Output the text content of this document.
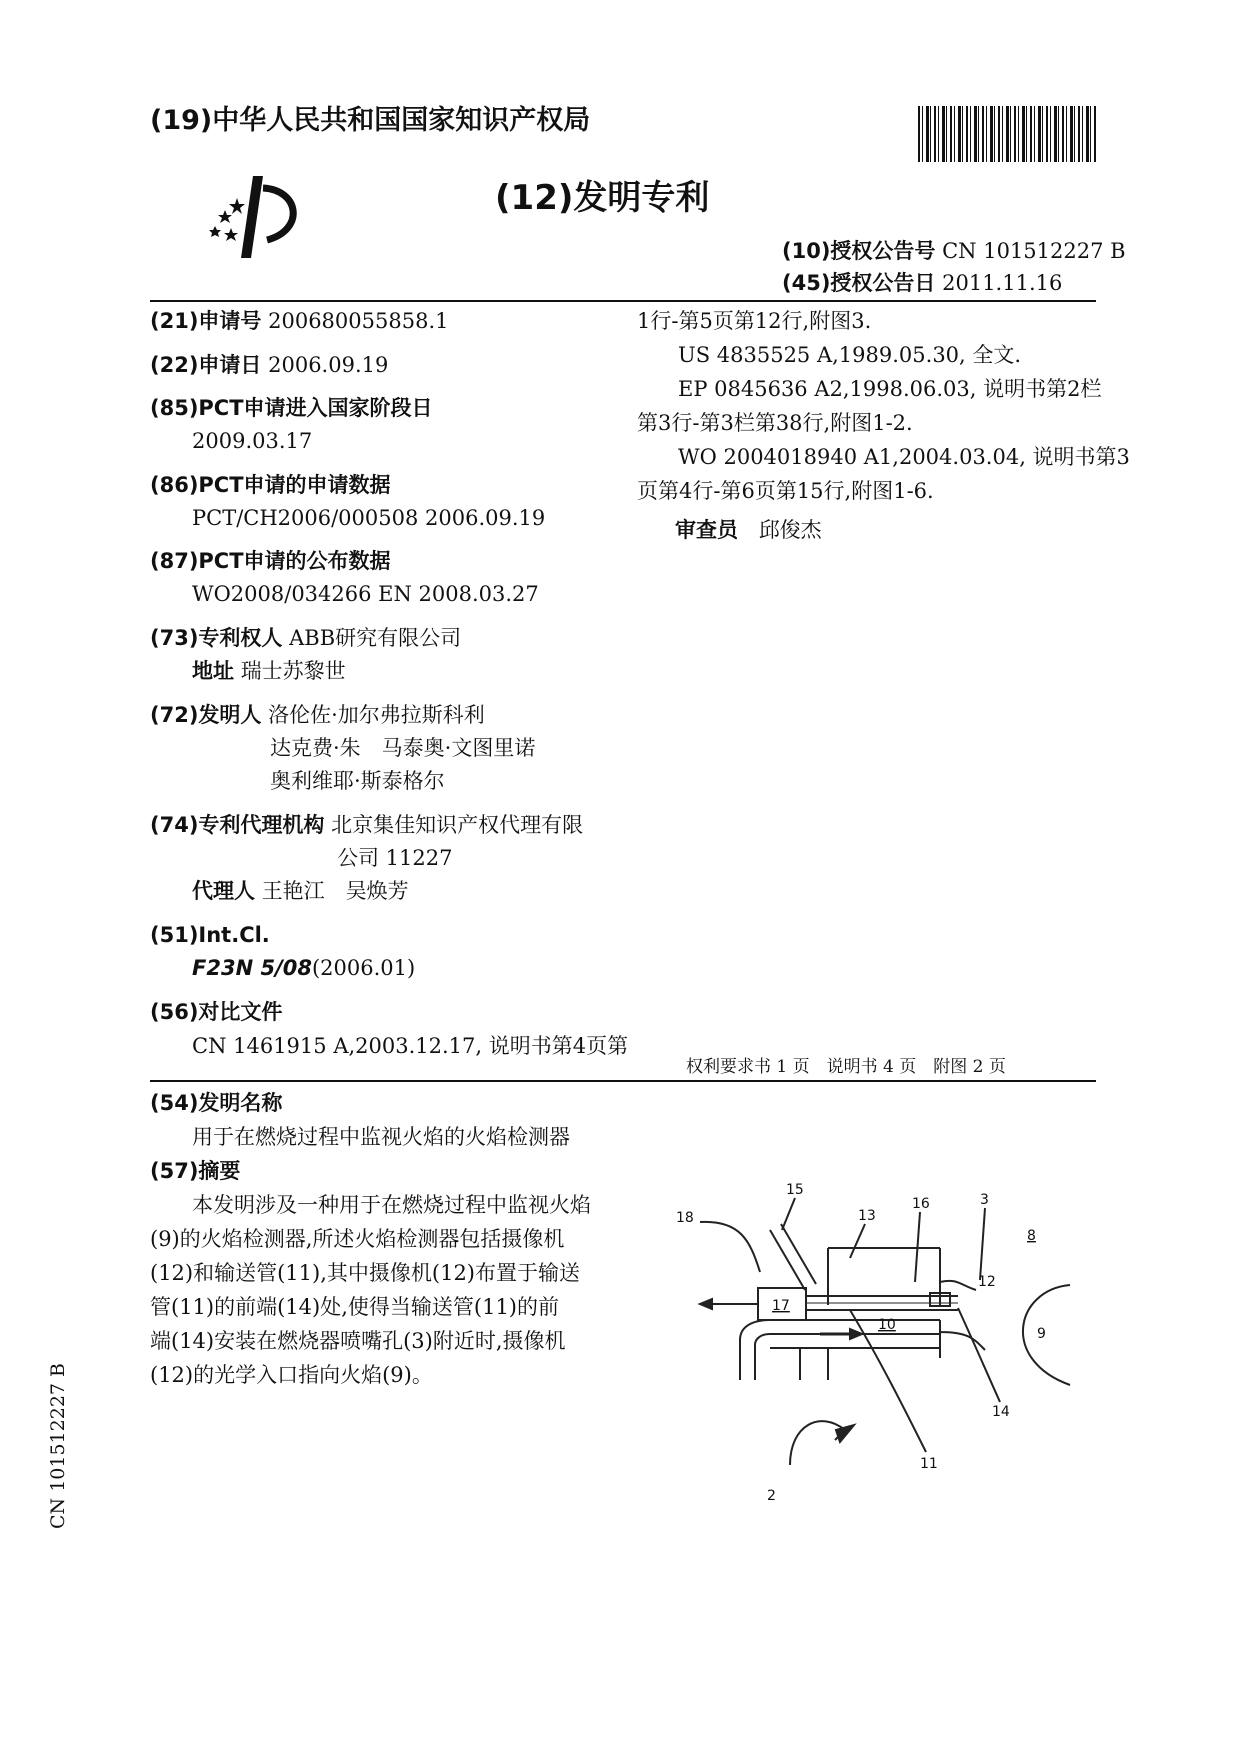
(19)中华人民共和国国家知识产权局
(12)发明专利
(10)授权公告号 CN 101512227 B
(45)授权公告日 2011.11.16
(21)申请号 200680055858.1
(22)申请日 2006.09.19
(85)PCT申请进入国家阶段日
2009.03.17
(86)PCT申请的申请数据
PCT/CH2006/000508 2006.09.19
(87)PCT申请的公布数据
WO2008/034266 EN 2008.03.27
(73)专利权人 ABB研究有限公司
地址 瑞士苏黎世
(72)发明人 洛伦佐·加尔弗拉斯科利
达克费·朱　马泰奥·文图里诺
奥利维耶·斯泰格尔
(74)专利代理机构 北京集佳知识产权代理有限
公司 11227
代理人 王艳江　吴焕芳
(51)Int.Cl.
F23N 5/08(2006.01)
(56)对比文件
CN 1461915 A,2003.12.17, 说明书第4页第
1行-第5页第12行,附图3.
US 4835525 A,1989.05.30, 全文.
EP 0845636 A2,1998.06.03, 说明书第2栏
第3行-第3栏第38行,附图1-2.
WO 2004018940 A1,2004.03.04, 说明书第3
页第4行-第6页第15行,附图1-6.
审查员 邱俊杰
权利要求书 1 页　说明书 4 页　附图 2 页
(54)发明名称
用于在燃烧过程中监视火焰的火焰检测器
(57)摘要
本发明涉及一种用于在燃烧过程中监视火焰
(9)的火焰检测器,所述火焰检测器包括摄像机
(12)和输送管(11),其中摄像机(12)布置于输送
管(11)的前端(14)处,使得当输送管(11)的前
端(14)安装在燃烧器喷嘴孔(3)附近时,摄像机
(12)的光学入口指向火焰(9)。
15
16	3
18	13
8
12
17
10
9
14
11
2
CN 101512227 B
